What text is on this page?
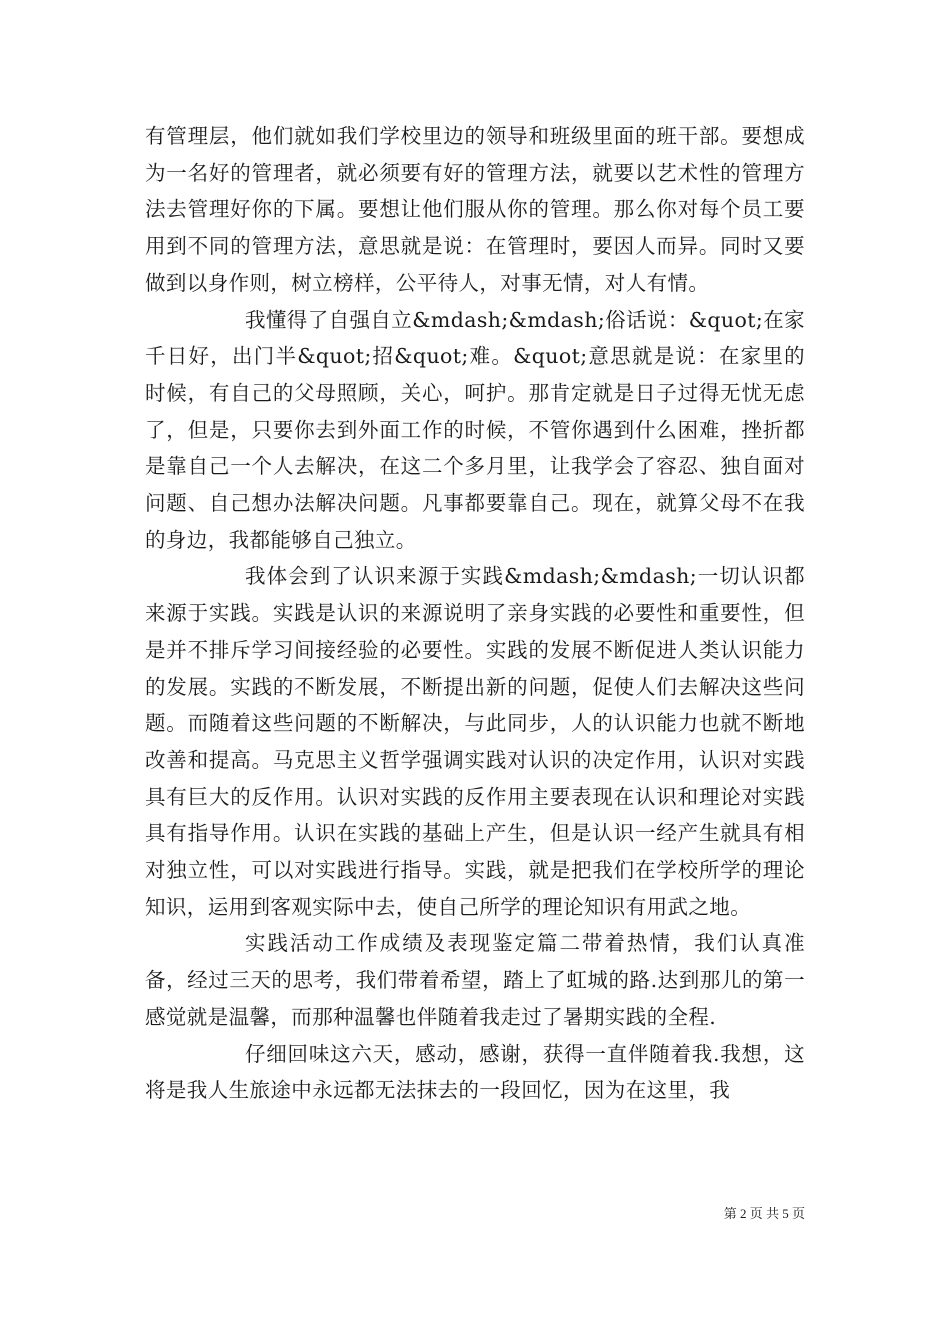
有管理层，他们就如我们学校里边的领导和班级里面的班干部。要想成为一名好的管理者，就必须要有好的管理方法，就要以艺术性的管理方法去管理好你的下属。要想让他们服从你的管理。那么你对每个员工要用到不同的管理方法，意思就是说：在管理时，要因人而异。同时又要做到以身作则，树立榜样，公平待人，对事无情，对人有情。

我懂得了自强自立&mdash;&mdash;俗话说：&quot;在家千日好，出门半&quot;招&quot;难。&quot;意思就是说：在家里的时候，有自己的父母照顾，关心，呵护。那肯定就是日子过得无忧无虑了，但是，只要你去到外面工作的时候，不管你遇到什么困难，挫折都是靠自己一个人去解决，在这二个多月里，让我学会了容忍、独自面对问题、自己想办法解决问题。凡事都要靠自己。现在，就算父母不在我的身边，我都能够自己独立。

我体会到了认识来源于实践&mdash;&mdash;一切认识都来源于实践。实践是认识的来源说明了亲身实践的必要性和重要性，但是并不排斥学习间接经验的必要性。实践的发展不断促进人类认识能力的发展。实践的不断发展，不断提出新的问题，促使人们去解决这些问题。而随着这些问题的不断解决，与此同步，人的认识能力也就不断地改善和提高。马克思主义哲学强调实践对认识的决定作用，认识对实践具有巨大的反作用。认识对实践的反作用主要表现在认识和理论对实践具有指导作用。认识在实践的基础上产生，但是认识一经产生就具有相对独立性，可以对实践进行指导。实践，就是把我们在学校所学的理论知识，运用到客观实际中去，使自己所学的理论知识有用武之地。

实践活动工作成绩及表现鉴定篇二带着热情，我们认真准备，经过三天的思考，我们带着希望，踏上了虹城的路.达到那儿的第一感觉就是温馨，而那种温馨也伴随着我走过了暑期实践的全程.

仔细回味这六天，感动，感谢，获得一直伴随着我.我想，这将是我人生旅途中永远都无法抹去的一段回忆，因为在这里，我

第 2 页 共 5 页
